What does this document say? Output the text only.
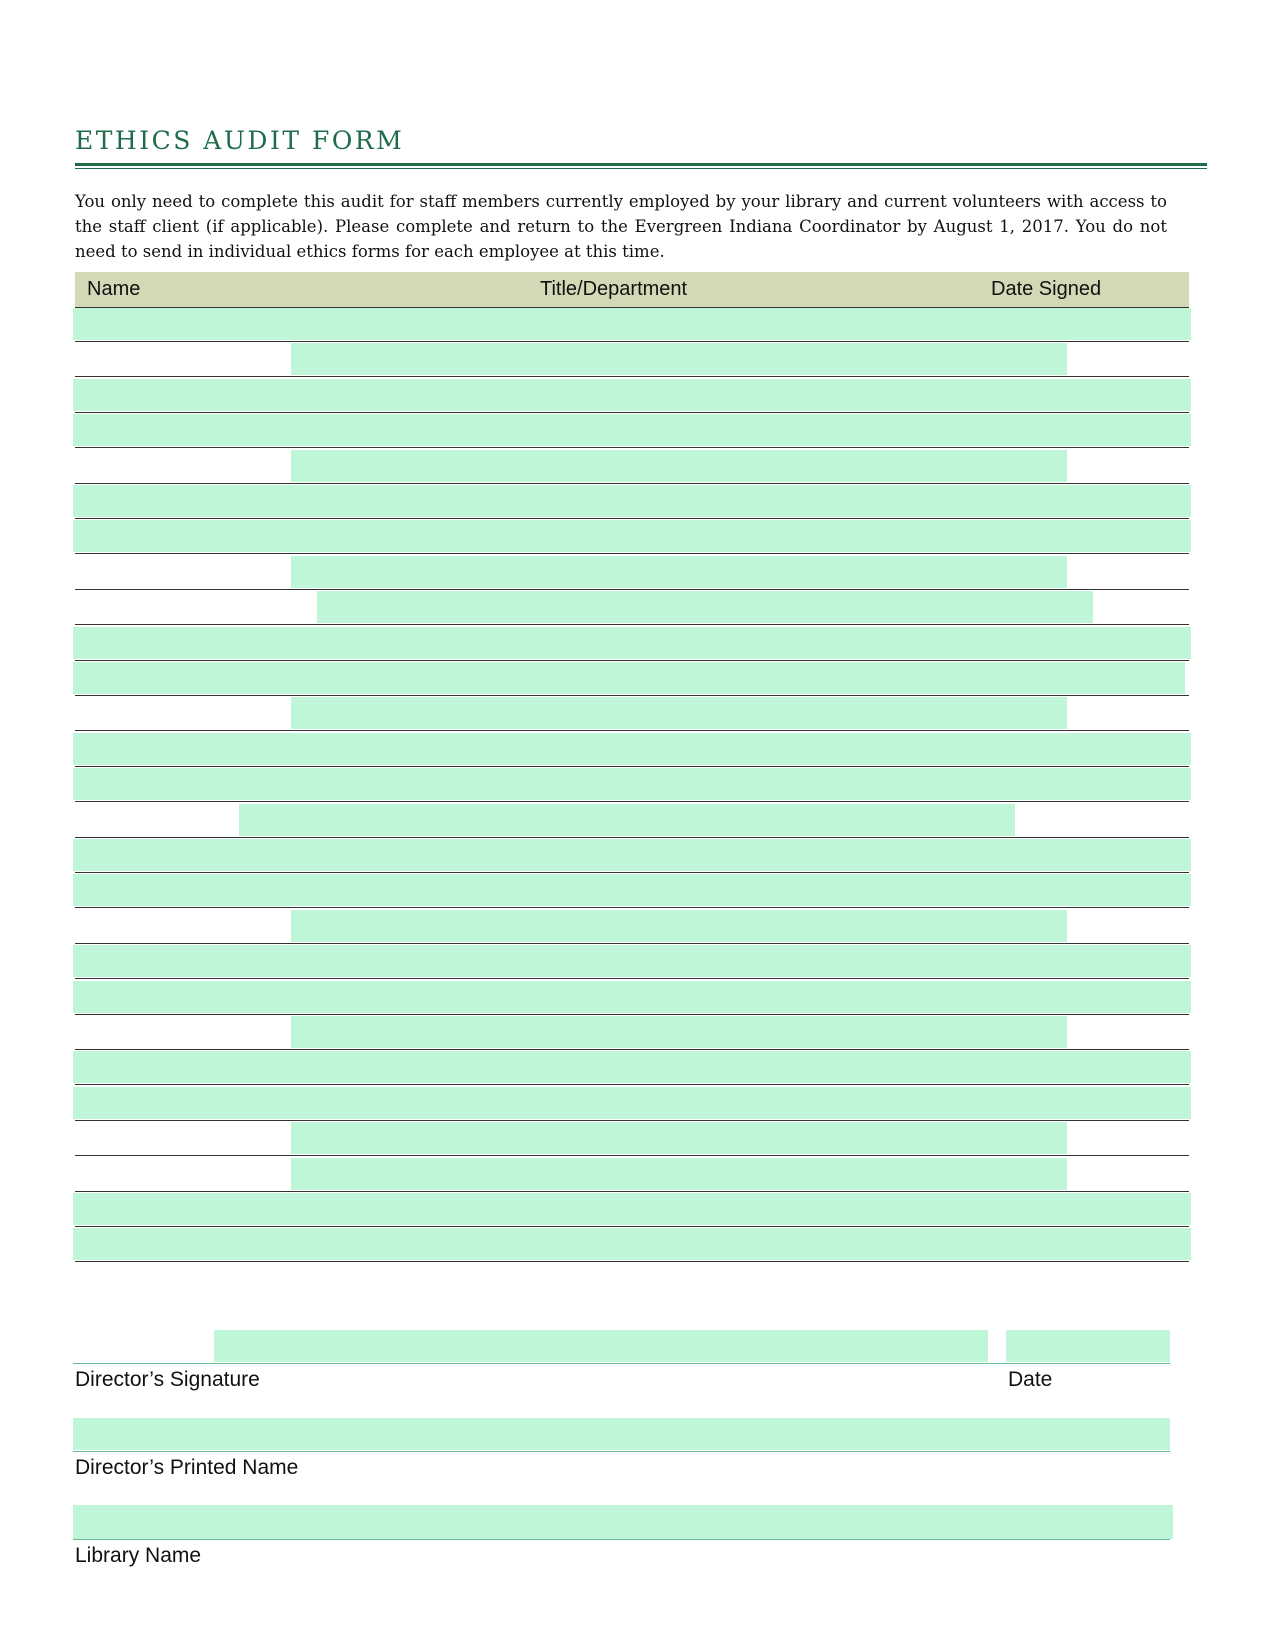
ETHICS AUDIT FORM
You only need to complete this audit for staff members currently employed by your library and current volunteers with access to the staff client (if applicable). Please complete and return to the Evergreen Indiana Coordinator by August 1, 2017. You do not need to send in individual ethics forms for each employee at this time.
Name	Title/Department	Date Signed
Director’s Signature	Date
Director’s Printed Name
Library Name
